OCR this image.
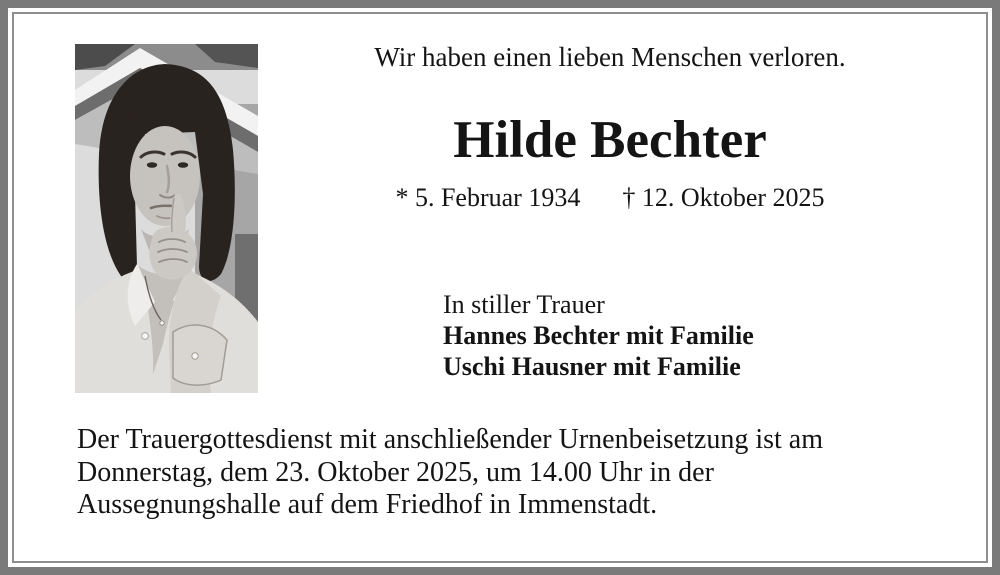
Wir haben einen lieben Menschen verloren.
Hilde Bechter
* 5. Februar 1934 † 12. Oktober 2025
In stiller Trauer
Hannes Bechter mit Familie
Uschi Hausner mit Familie
Der Trauergottesdienst mit anschließender Urnenbeisetzung ist am
Donnerstag, dem 23. Oktober 2025, um 14.00 Uhr in der
Aussegnungshalle auf dem Friedhof in Immenstadt.
